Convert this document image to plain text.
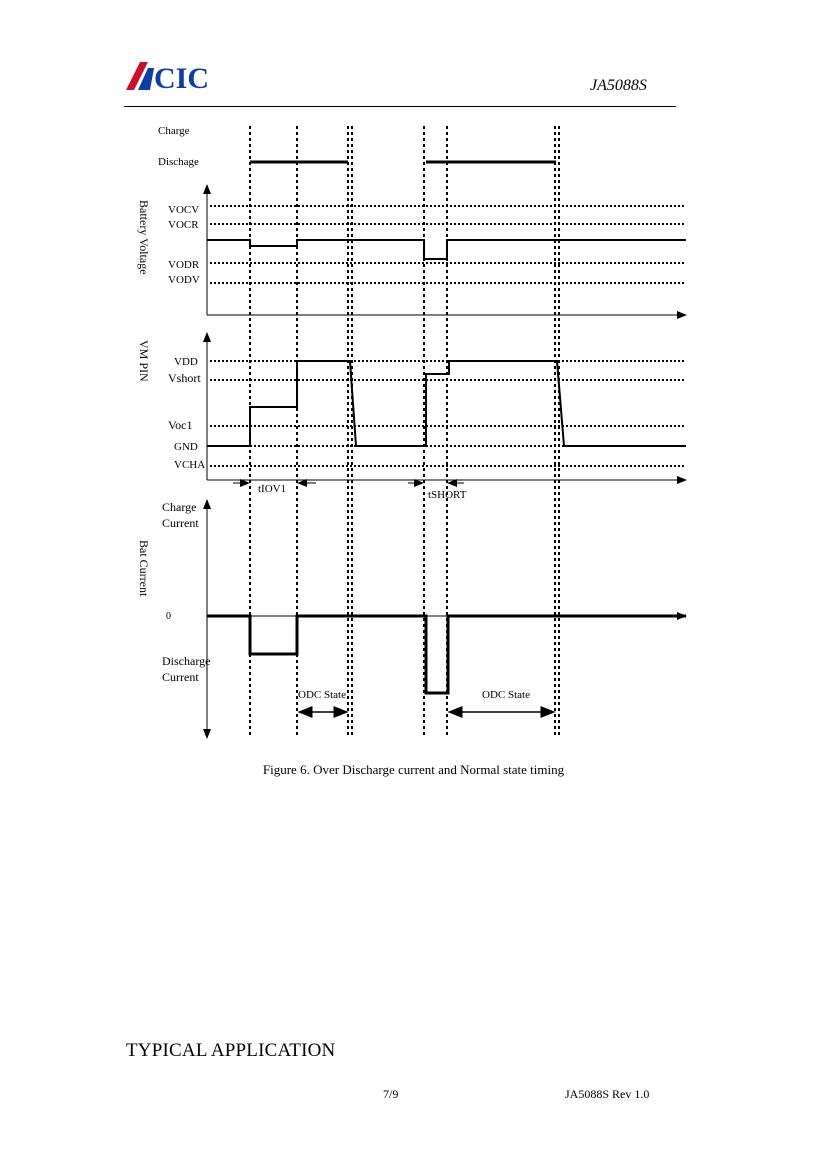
CIC	JA5088S
Charge
Dischage
Battery Voltage VOCV
VOCR
VODR
VODV
VM PIN VDD
Vshort
Voc1
GND
VCHA
tIOV1	tSHORT
Bat Current
Charge
Current
0
Discharge
Current
ODC State	ODC State
Figure 6. Over Discharge current and Normal state timing
TYPICAL APPLICATION
7/9	JA5088S Rev 1.0
